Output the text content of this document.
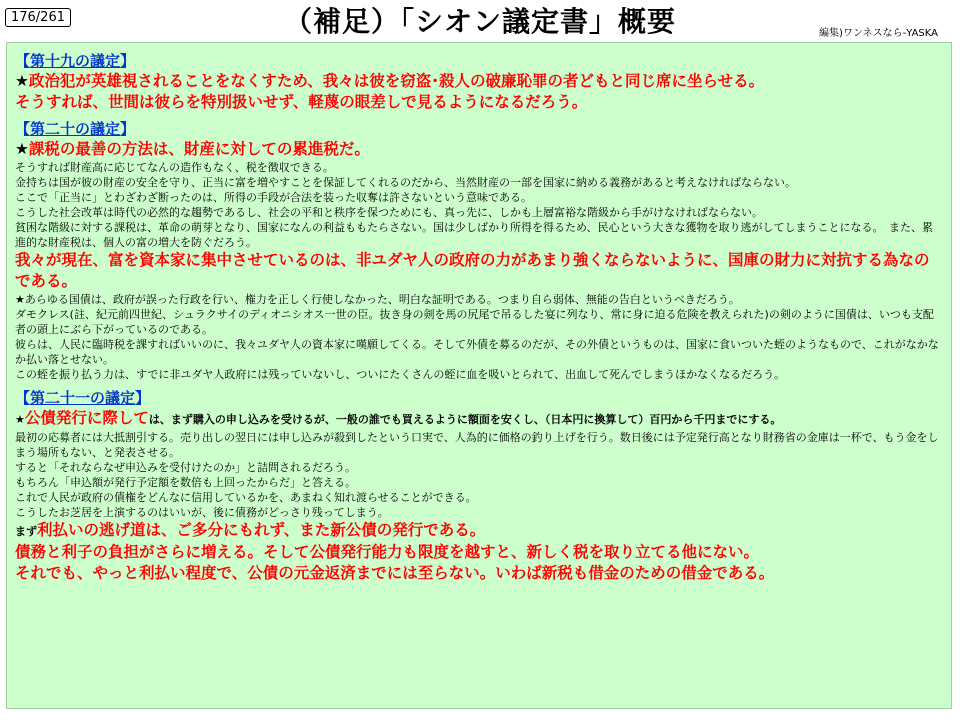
176/261	（補足）「シオン議定書」概要	編集)ワンネスなら-YASKA
【第十九の議定】
★政治犯が英雄視されることをなくすため、我々は彼を窃盗･殺人の破廉恥罪の者どもと同じ席に坐らせる。
そうすれば、世間は彼らを特別扱いせず、軽蔑の眼差しで見るようになるだろう。
【第二十の議定】
★課税の最善の方法は、財産に対しての累進税だ。
そうすれば財産高に応じてなんの造作もなく、税を徴収できる。
金持ちは国が彼の財産の安全を守り、正当に富を増やすことを保証してくれるのだから、当然財産の一部を国家に納める義務があると考えなければならない。
ここで「正当に」とわざわざ断ったのは、所得の手段が合法を装った収奪は許さないという意味である。
こうした社会改革は時代の必然的な趨勢であるし、社会の平和と秩序を保つためにも、真っ先に、しかも上層富裕な階級から手がけなければならない。
貧困な階級に対する課税は、革命の萌芽となり、国家になんの利益ももたらさない。国は少しばかり所得を得るため、民心という大きな獲物を取り逃がしてしまうことになる。　また、累進的な財産税は、個人の富の増大を防ぐだろう。
我々が現在、富を資本家に集中させているのは、非ユダヤ人の政府の力があまり強くならないように、国庫の財力に対抗する為なのである。
★あらゆる国債は、政府が誤った行政を行い、権力を正しく行使しなかった、明白な証明である。つまり自ら弱体、無能の告白というべきだろう。
ダモクレス(註、紀元前四世紀、シュラクサイのディオニシオス一世の臣。抜き身の剣を馬の尻尾で吊るした宴に列なり、常に身に迫る危険を教えられた)の剣のように国債は、いつも支配者の頭上にぶら下がっているのである。
彼らは、人民に臨時税を課すればいいのに、我々ユダヤ人の資本家に嘆願してくる。そして外債を募るのだが、その外債というものは、国家に食いついた蛭のようなもので、これがなかなか払い落とせない。
この蛭を振り払う力は、すでに非ユダヤ人政府には残っていないし、ついにたくさんの蛭に血を吸いとられて、出血して死んでしまうほかなくなるだろう。
【第二十一の議定】
★公債発行に際しては、まず購入の申し込みを受けるが、一般の誰でも買えるように額面を安くし、（日本円に換算して）百円から千円までにする。
最初の応募者には大抵割引する。売り出しの翌日には申し込みが殺到したという口実で、人為的に価格の釣り上げを行う。数日後には予定発行高となり財務省の金庫は一杯で、もう金をしまう場所もない、と発表させる。
すると「それならなぜ申込みを受付けたのか」と詰問されるだろう。
もちろん「申込額が発行予定額を数倍も上回ったからだ」と答える。
これで人民が政府の債権をどんなに信用しているかを、あまねく知れ渡らせることができる。
こうしたお芝居を上演するのはいいが、後に債務がどっさり残ってしまう。
まず利払いの逃げ道は、ご多分にもれず、また新公債の発行である。
債務と利子の負担がさらに増える。そして公債発行能力も限度を越すと、新しく税を取り立てる他にない。
それでも、やっと利払い程度で、公債の元金返済までには至らない。いわば新税も借金のための借金である。
